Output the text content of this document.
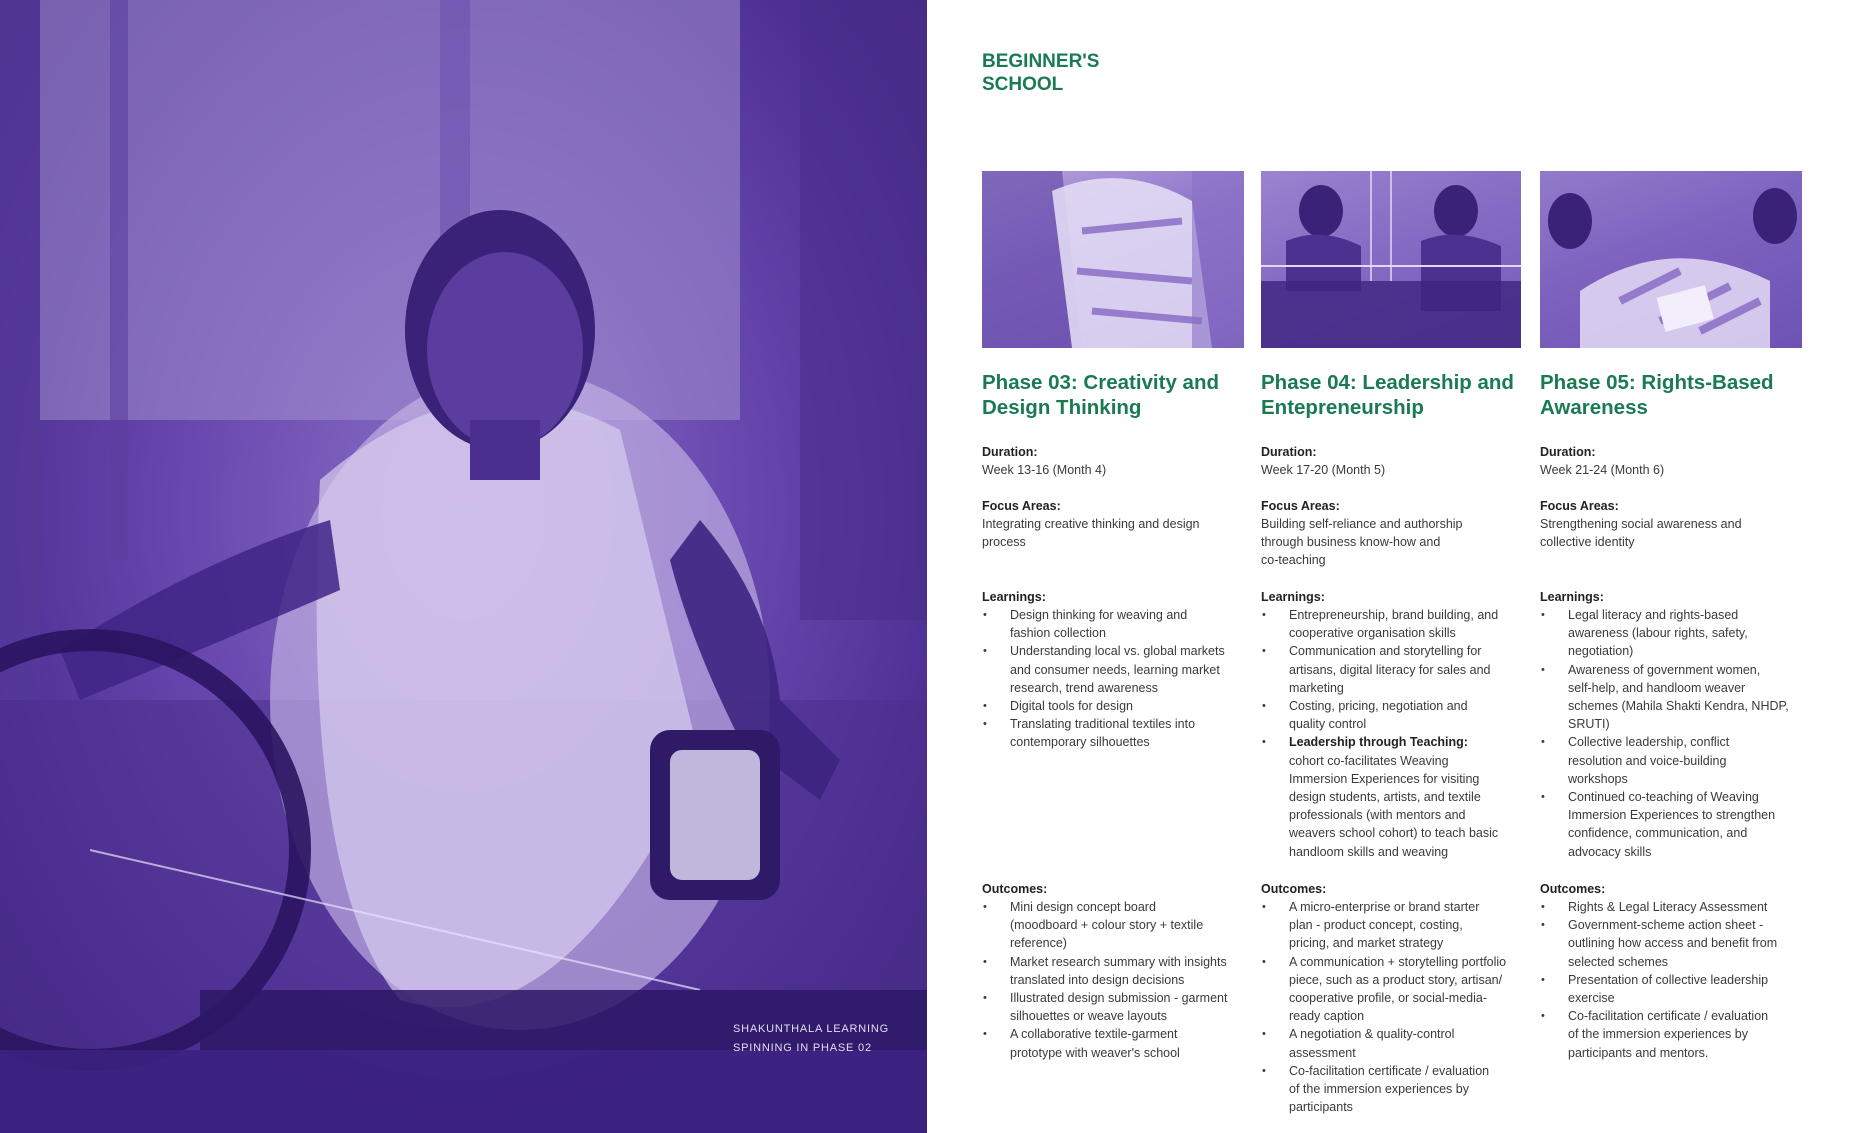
SHAKUNTHALA LEARNING
SPINNING IN PHASE 02
BEGINNER'S
SCHOOL
Phase 03: Creativity and
Design Thinking
Duration:
Week 13-16 (Month 4)
Focus Areas:
Integrating creative thinking and design
process
Learnings:
• Design thinking for weaving and
fashion collection
• Understanding local vs. global markets
and consumer needs, learning market
research, trend awareness
• Digital tools for design
• Translating traditional textiles into
contemporary silhouettes
Outcomes:
• Mini design concept board
(moodboard + colour story + textile
reference)
• Market research summary with insights
translated into design decisions
• Illustrated design submission - garment
silhouettes or weave layouts
• A collaborative textile-garment
prototype with weaver's school
Phase 04: Leadership and
Entepreneurship
Duration:
Week 17-20 (Month 5)
Focus Areas:
Building self-reliance and authorship
through business know-how and
co-teaching
Learnings:
• Entrepreneurship, brand building, and
cooperative organisation skills
• Communication and storytelling for
artisans, digital literacy for sales and
marketing
• Costing, pricing, negotiation and
quality control
• Leadership through Teaching:
cohort co-facilitates Weaving
Immersion Experiences for visiting
design students, artists, and textile
professionals (with mentors and
weavers school cohort) to teach basic
handloom skills and weaving
Outcomes:
• A micro-enterprise or brand starter
plan - product concept, costing,
pricing, and market strategy
• A communication + storytelling portfolio
piece, such as a product story, artisan/
cooperative profile, or social-media-
ready caption
• A negotiation & quality-control
assessment
• Co-facilitation certificate / evaluation
of the immersion experiences by
participants
Phase 05: Rights-Based
Awareness
Duration:
Week 21-24 (Month 6)
Focus Areas:
Strengthening social awareness and
collective identity
Learnings:
• Legal literacy and rights-based
awareness (labour rights, safety,
negotiation)
• Awareness of government women,
self-help, and handloom weaver
schemes (Mahila Shakti Kendra, NHDP,
SRUTI)
• Collective leadership, conflict
resolution and voice-building
workshops
• Continued co-teaching of Weaving
Immersion Experiences to strengthen
confidence, communication, and
advocacy skills
Outcomes:
• Rights & Legal Literacy Assessment
• Government-scheme action sheet -
outlining how access and benefit from
selected schemes
• Presentation of collective leadership
exercise
• Co-facilitation certificate / evaluation
of the immersion experiences by
participants and mentors.
